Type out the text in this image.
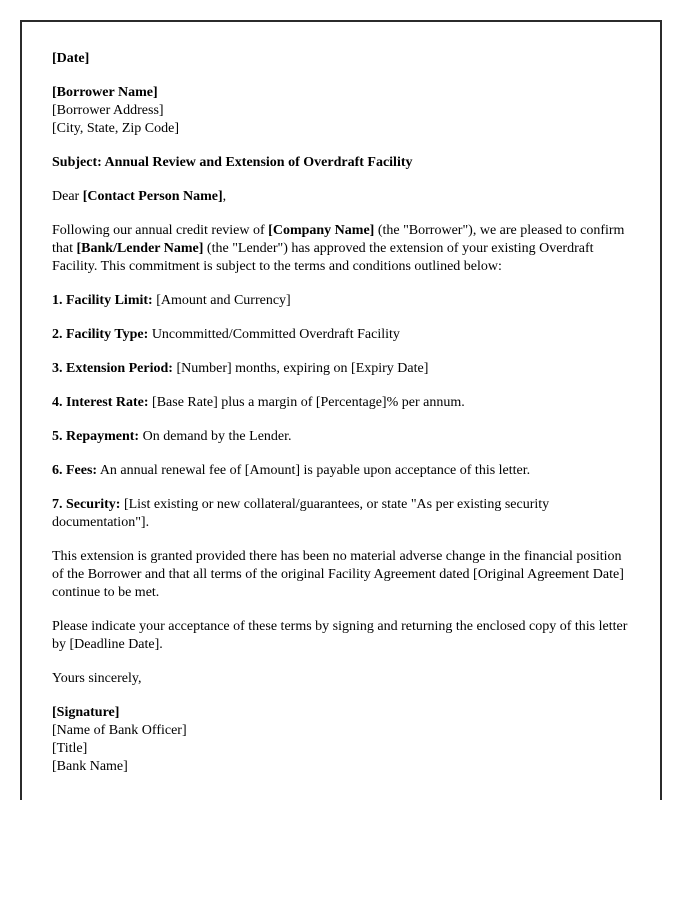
[Date]

[Borrower Name]
[Borrower Address]
[City, State, Zip Code]

Subject: Annual Review and Extension of Overdraft Facility

Dear [Contact Person Name],

Following our annual credit review of [Company Name] (the "Borrower"), we are pleased to confirm that [Bank/Lender Name] (the "Lender") has approved the extension of your existing Overdraft Facility. This commitment is subject to the terms and conditions outlined below:

1. Facility Limit: [Amount and Currency]

2. Facility Type: Uncommitted/Committed Overdraft Facility

3. Extension Period: [Number] months, expiring on [Expiry Date]

4. Interest Rate: [Base Rate] plus a margin of [Percentage]% per annum.

5. Repayment: On demand by the Lender.

6. Fees: An annual renewal fee of [Amount] is payable upon acceptance of this letter.

7. Security: [List existing or new collateral/guarantees, or state "As per existing security documentation"].

This extension is granted provided there has been no material adverse change in the financial position of the Borrower and that all terms of the original Facility Agreement dated [Original Agreement Date] continue to be met.

Please indicate your acceptance of these terms by signing and returning the enclosed copy of this letter by [Deadline Date].

Yours sincerely,

[Signature]
[Name of Bank Officer]
[Title]
[Bank Name]
